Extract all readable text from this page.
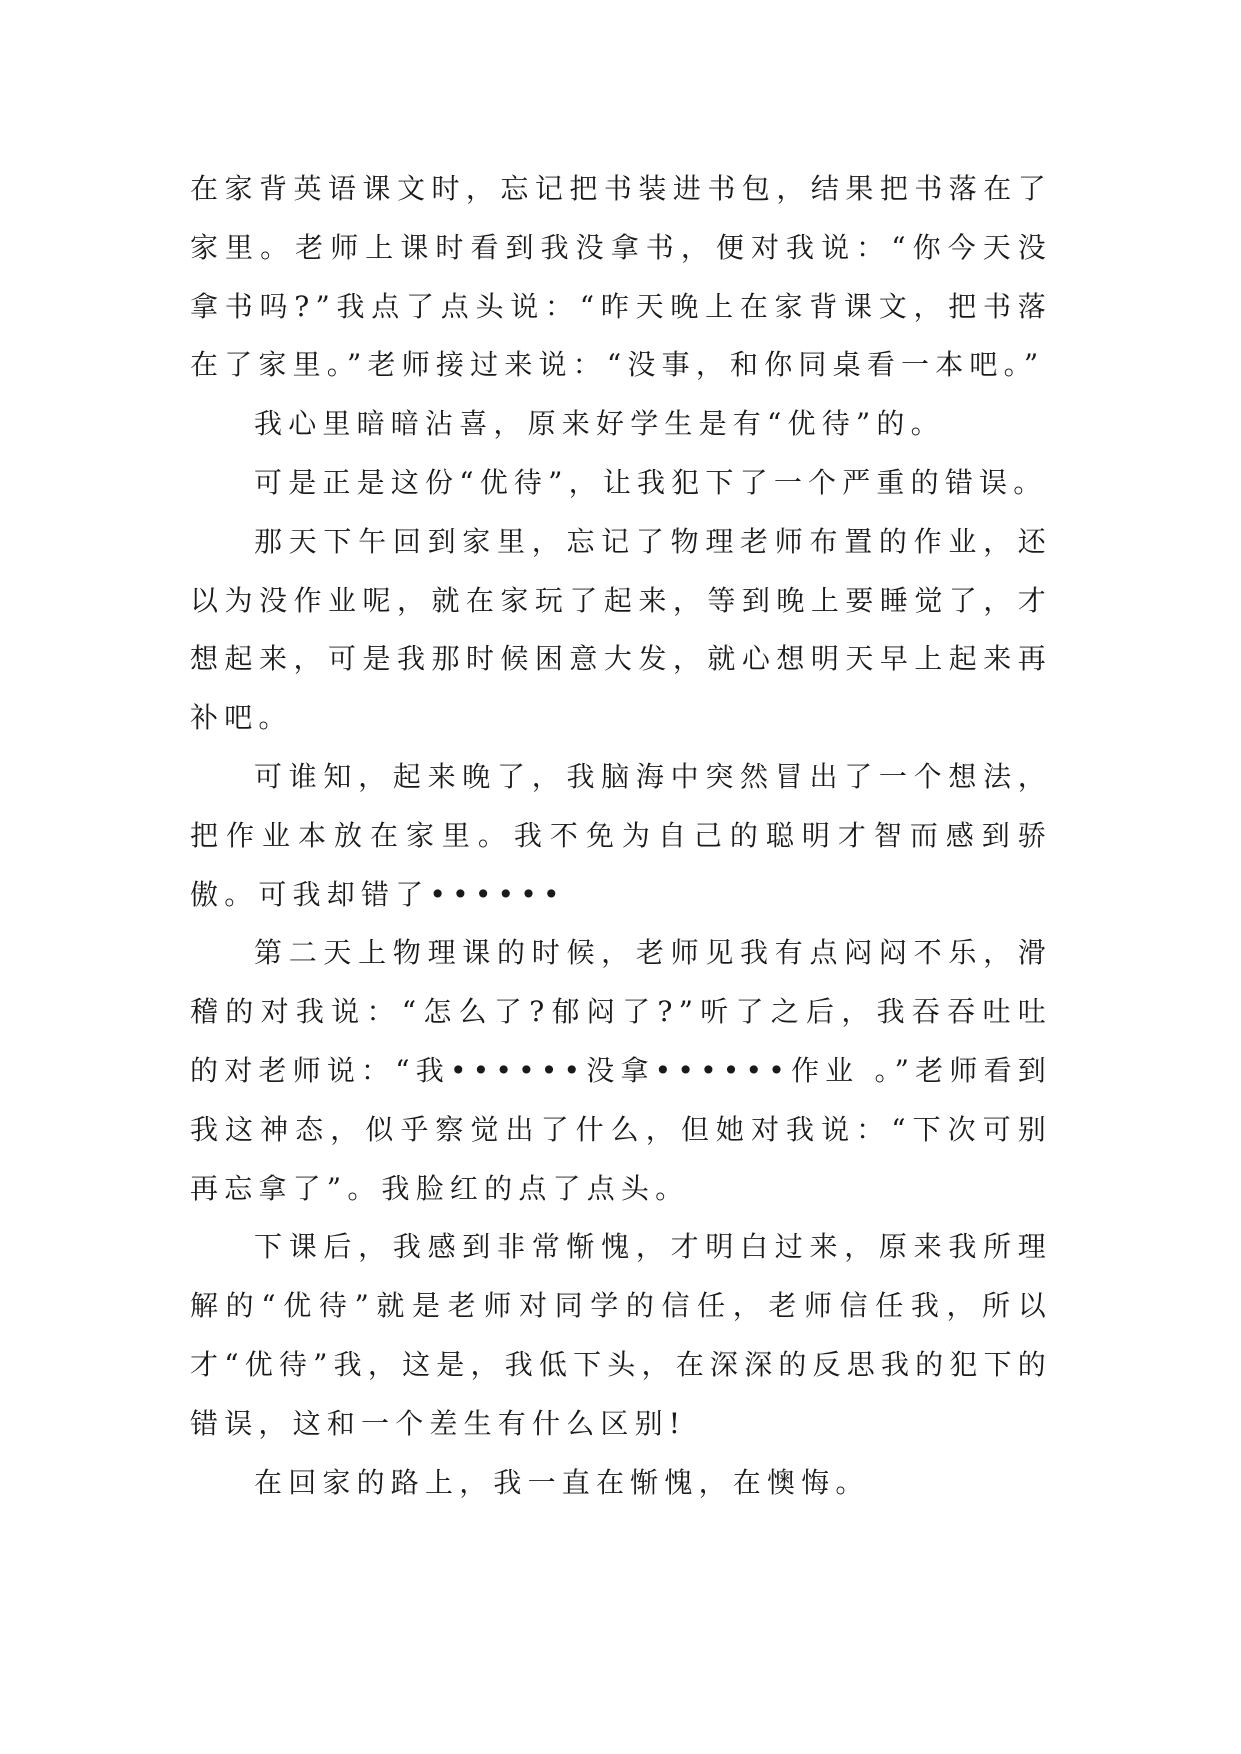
在家背英语课文时，忘记把书装进书包，结果把书落在了家里。老师上课时看到我没拿书，便对我说：“你今天没拿书吗?”我点了点头说：“昨天晚上在家背课文，把书落在了家里。”老师接过来说：“没事，和你同桌看一本吧。”

我心里暗暗沾喜，原来好学生是有“优待”的。

可是正是这份“优待”，让我犯下了一个严重的错误。

那天下午回到家里，忘记了物理老师布置的作业，还以为没作业呢，就在家玩了起来，等到晚上要睡觉了，才想起来，可是我那时候困意大发，就心想明天早上起来再补吧。

可谁知，起来晚了，我脑海中突然冒出了一个想法，把作业本放在家里。我不免为自己的聪明才智而感到骄傲。可我却错了••••••

第二天上物理课的时候，老师见我有点闷闷不乐，滑稽的对我说：“怎么了?郁闷了?”听了之后，我吞吞吐吐的对老师说：“我••••••没拿••••••作业 。”老师看到我这神态，似乎察觉出了什么，但她对我说：“下次可别再忘拿了”。我脸红的点了点头。

下课后，我感到非常惭愧，才明白过来，原来我所理解的“优待”就是老师对同学的信任，老师信任我，所以才“优待”我，这是，我低下头，在深深的反思我的犯下的错误，这和一个差生有什么区别!

在回家的路上，我一直在惭愧，在懊悔。
